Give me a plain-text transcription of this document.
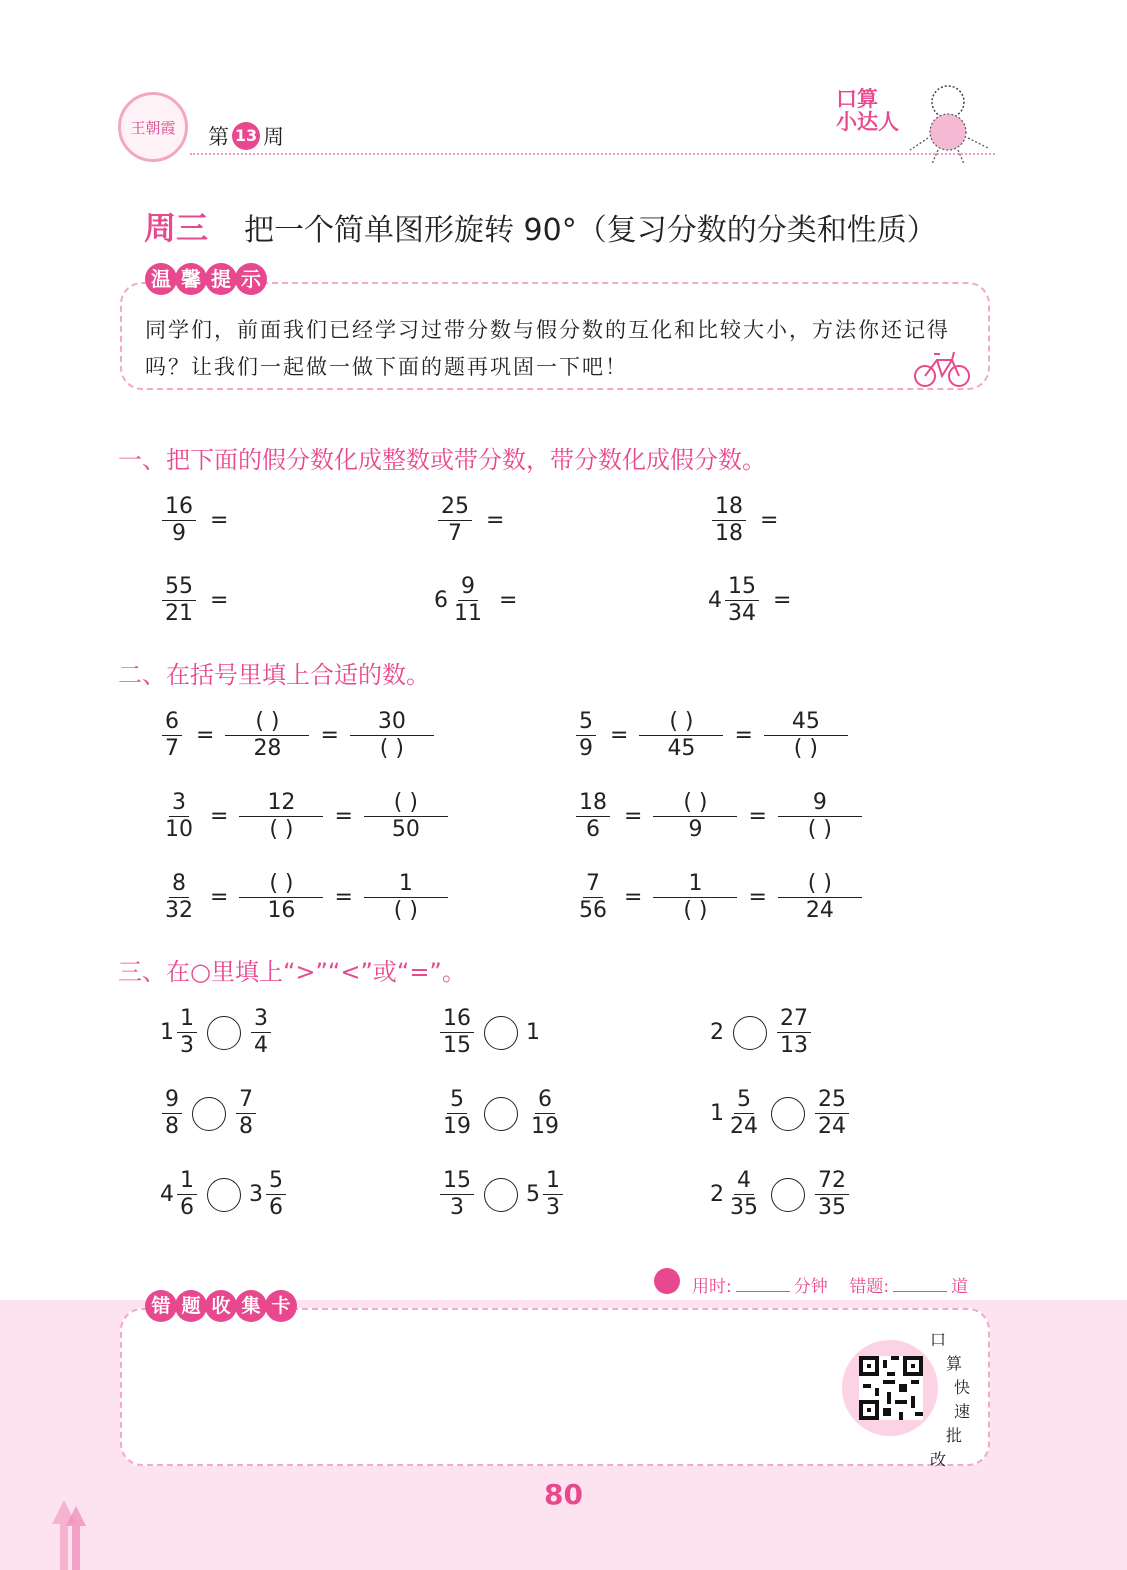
王朝霞	第 13 周
口算
小达人
周三 把一个简单图形旋转 90°（复习分数的分类和性质）
温 馨 提 示
同学们，前面我们已经学习过带分数与假分数的互化和比较大小，方法你还记得吗？让我们一起做一做下面的题再巩固一下吧！
一、把下面的假分数化成整数或带分数，带分数化成假分数。
$\frac{16}{9}$ =	$\frac{25}{7}$ =	$\frac{18}{18}$ =
$\frac{55}{21}$ =	$6 \frac{9}{11}$ =	$4 \frac{15}{34}$ =
二、在括号里填上合适的数。
$\frac{6}{7} = \frac{( )}{28} = \frac{30}{( )}$	$\frac{5}{9} = \frac{( )}{45} = \frac{45}{( )}$
$\frac{3}{10} = \frac{12}{( )} = \frac{( )}{50}$	$\frac{18}{6} = \frac{( )}{9} = \frac{9}{( )}$
$\frac{8}{32} = \frac{( )}{16} = \frac{1}{( )}$	$\frac{7}{56} = \frac{1}{( )} = \frac{( )}{24}$
三、在○里填上“>”“<”或“=”。
$1 \frac{1}{3} \frac{3}{4}$	$\frac{16}{15} 1$	$2 \frac{27}{13}$
$\frac{9}{8} \frac{7}{8}$	$\frac{5}{19} \frac{6}{19}$	$1 \frac{5}{24} \frac{25}{24}$
$4 \frac{1}{6} 3 \frac{5}{6}$	$\frac{15}{3} 5 \frac{1}{3}$	$2 \frac{4}{35} \frac{72}{35}$
用时:	分钟 错题:	道
错 题 收 集 卡
口
算
快
速
批
改
80
